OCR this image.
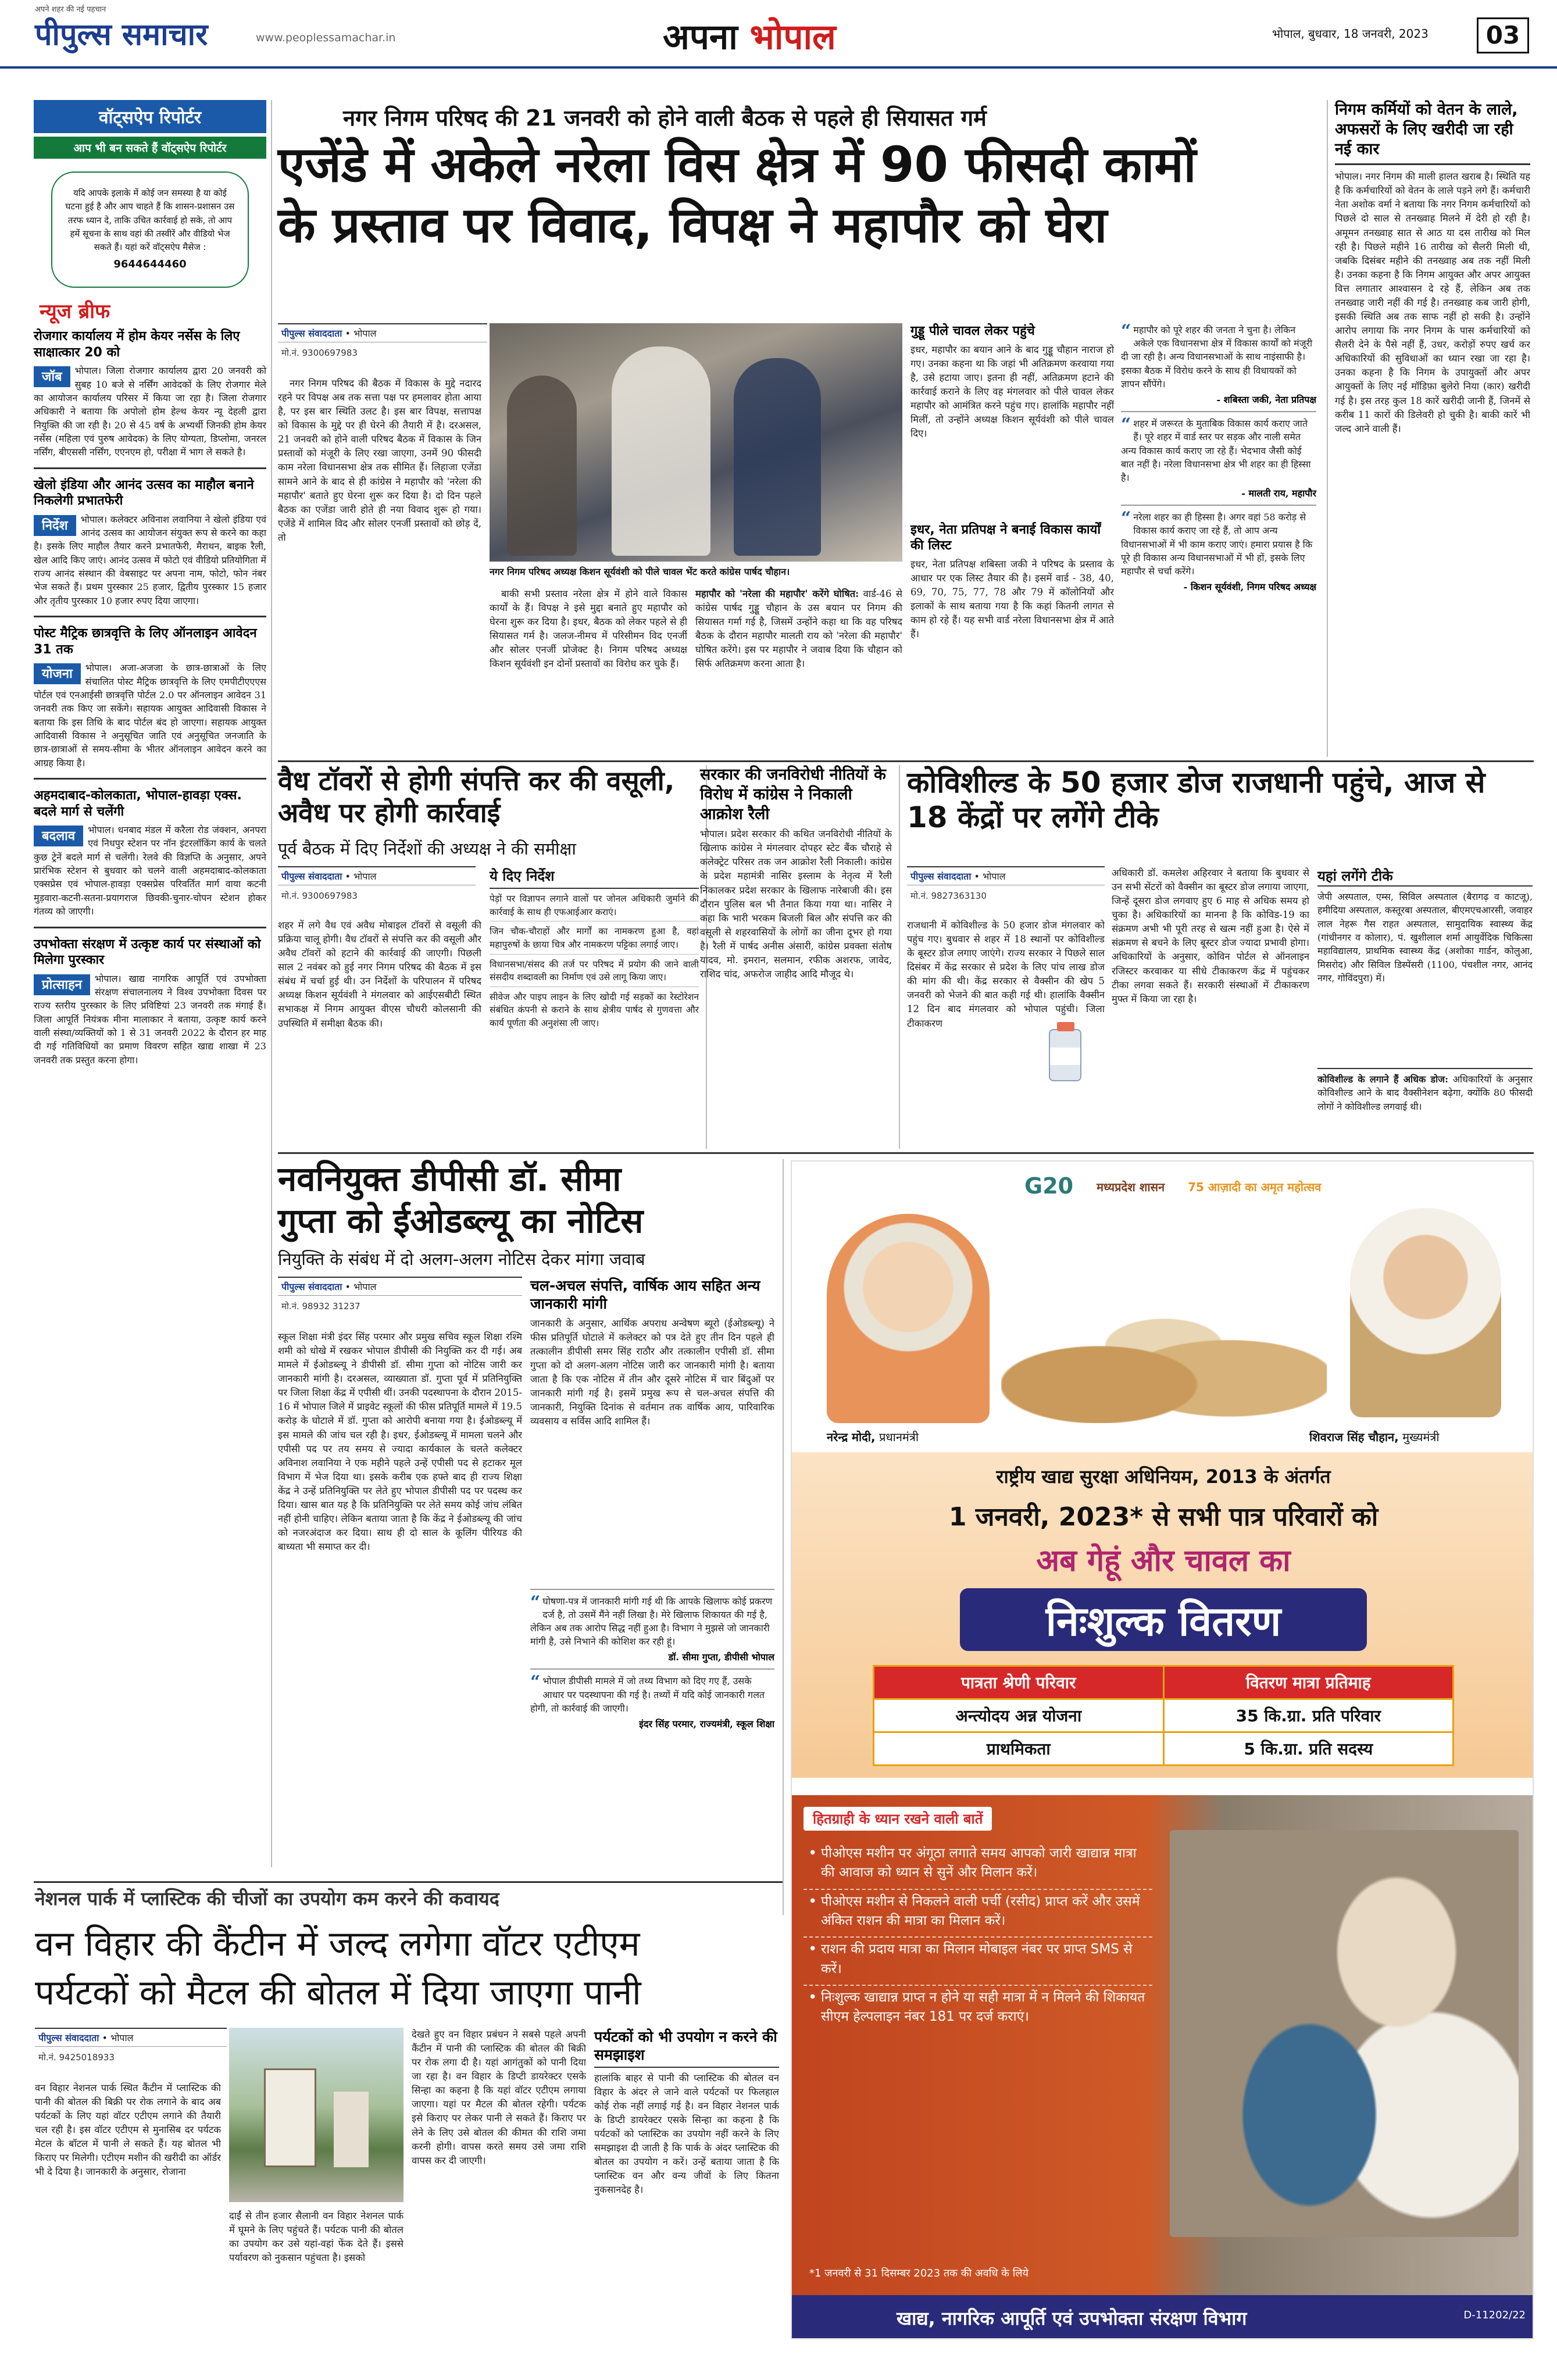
अपने शहर की नई पहचान
पीपुल्स समाचार	www.peoplessamachar.in	अपना भोपाल	भोपाल, बुधवार, 18 जनवरी, 2023	03
वॉट्सऐप रिपोर्टर
आप भी बन सकते हैं वॉट्सऐप रिपोर्टर
यदि आपके इलाके में कोई जन समस्या है या कोई घटना हुई है और आप चाहते हैं कि शासन-प्रशासन उस तरफ ध्यान दे, ताकि उचित कार्रवाई हो सके, तो आप हमें सूचना के साथ वहां की तस्वीरें और वीडियो भेज सकते हैं। यहां करें वॉट्सऐप मैसेज :
9644644460
न्यूज ब्रीफ
रोजगार कार्यालय में होम केयर नर्सेस के लिए साक्षात्कार 20 को
जॉब	भोपाल। जिला रोजगार कार्यालय द्वारा 20 जनवरी को सुबह 10 बजे से नर्सिंग आवेदकों के लिए रोजगार मेले का आयोजन कार्यालय परिसर में किया जा रहा है। जिला रोजगार अधिकारी ने बताया कि अपोलो होम हेल्थ केयर न्यू देहली द्वारा नियुक्ति की जा रही है। 20 से 45 वर्ष के अभ्यर्थी जिनकी होम केयर नर्सेस (महिला एवं पुरुष आवेदक) के लिए योग्यता, डिप्लोमा, जनरल नर्सिंग, बीएससी नर्सिंग, एएनएम हो, परीक्षा में भाग ले सकते है।
खेलो इंडिया और आनंद उत्सव का माहौल बनाने निकलेगी प्रभातफेरी
निर्देश	भोपाल। कलेक्टर अविनाश लवानिया ने खेलो इंडिया एवं आनंद उत्सव का आयोजन संयुक्त रूप से करने का कहा है। इसके लिए माहौल तैयार करने प्रभातफेरी, मैराथन, बाइक रैली, खेल आदि किए जाएं। आनंद उत्सव में फोटो एवं वीडियो प्रतियोगिता में राज्य आनंद संस्थान की वेबसाइट पर अपना नाम, फोटो, फोन नंबर भेज सकते हैं। प्रथम पुरस्कार 25 हजार, द्वितीय पुरस्कार 15 हजार और तृतीय पुरस्कार 10 हजार रुपए दिया जाएगा।
पोस्ट मैट्रिक छात्रवृत्ति के लिए ऑनलाइन आवेदन 31 तक
योजना	भोपाल। अजा-अजजा के छात्र-छात्राओं के लिए संचालित पोस्ट मैट्रिक छात्रवृत्ति के लिए एमपीटीएएएस पोर्टल एवं एनआईसी छात्रवृत्ति पोर्टल 2.0 पर ऑनलाइन आवेदन 31 जनवरी तक किए जा सकेंगे। सहायक आयुक्त आदिवासी विकास ने बताया कि इस तिथि के बाद पोर्टल बंद हो जाएगा। सहायक आयुक्त आदिवासी विकास ने अनुसूचित जाति एवं अनुसूचित जनजाति के छात्र-छात्राओं से समय-सीमा के भीतर ऑनलाइन आवेदन करने का आग्रह किया है।
अहमदाबाद-कोलकाता, भोपाल-हावड़ा एक्स. बदले मार्ग से चलेंगी
बदलाव	भोपाल। धनबाद मंडल में करैला रोड जंक्शन, अनपरा एवं निधपुर स्टेशन पर नॉन इंटरलॉकिंग कार्य के चलते कुछ ट्रेनें बदले मार्ग से चलेंगी। रेलवे की विज्ञप्ति के अनुसार, अपने प्रारंभिक स्टेशन से बुधवार को चलने वाली अहमदाबाद-कोलकाता एक्सप्रेस एवं भोपाल-हावड़ा एक्सप्रेस परिवर्तित मार्ग वाया कटनी मुड़वारा-कटनी-सतना-प्रयागराज छिवकी-चुनार-चोपन स्टेशन होकर गंतव्य को जाएगी।
उपभोक्ता संरक्षण में उत्कृष्ट कार्य पर संस्थाओं को मिलेगा पुरस्कार
प्रोत्साहन	भोपाल। खाद्य नागरिक आपूर्ति एवं उपभोक्ता संरक्षण संचालनालय ने विश्व उपभोक्ता दिवस पर राज्य स्तरीय पुरस्कार के लिए प्रविष्टियां 23 जनवरी तक मंगाई हैं। जिला आपूर्ति नियंत्रक मीना मालाकार ने बताया, उत्कृष्ट कार्य करने वाली संस्था/व्यक्तियों को 1 से 31 जनवरी 2022 के दौरान हर माह दी गई गतिविधियों का प्रमाण विवरण सहित खाद्य शाखा में 23 जनवरी तक प्रस्तुत करना होगा।
नगर निगम परिषद की 21 जनवरी को होने वाली बैठक से पहले ही सियासत गर्म
एजेंडे में अकेले नरेला विस क्षेत्र में 90 फीसदी कामों
के प्रस्ताव पर विवाद, विपक्ष ने महापौर को घेरा
पीपुल्स संवाददाता • भोपाल
मो.नं. 9300697983

नगर निगम परिषद की बैठक में विकास के मुद्दे नदारद रहने पर विपक्ष अब तक सत्ता पक्ष पर हमलावर होता आया है, पर इस बार स्थिति उलट है। इस बार विपक्ष, सत्तापक्ष को विकास के मुद्दे पर ही घेरने की तैयारी में है। दरअसल, 21 जनवरी को होने वाली परिषद बैठक में विकास के जिन प्रस्तावों को मंजूरी के लिए रखा जाएगा, उनमें 90 फीसदी काम नरेला विधानसभा क्षेत्र तक सीमित हैं। लिहाजा एजेंडा सामने आने के बाद से ही कांग्रेस ने महापौर को 'नरेला की महापौर' बताते हुए घेरना शुरू कर दिया है। दो दिन पहले बैठक का एजेंडा जारी होते ही नया विवाद शुरू हो गया। एजेंडे में शामिल विद और सोलर एनर्जी प्रस्तावों को छोड़ दें, तो

नगर निगम परिषद अध्यक्ष किशन सूर्यवंशी को पीले चावल भेंट करते कांग्रेस पार्षद चौहान।

बाकी सभी प्रस्ताव नरेला क्षेत्र में होने वाले विकास कार्यों के हैं। विपक्ष ने इसे मुद्दा बनाते हुए महापौर को घेरना शुरू कर दिया है। इधर, बैठक को लेकर पहले से ही सियासत गर्म है। जलज-नीमच में परिसीमन विद एनर्जी और सोलर एनर्जी प्रोजेक्ट है। निगम परिषद अध्यक्ष किशन सूर्यवंशी इन दोनों प्रस्तावों का विरोध कर चुके हैं।

महापौर को 'नरेला की महापौर' करेंगे घोषित: वार्ड-46 से कांग्रेस पार्षद गुड्डू चौहान के उस बयान पर निगम की सियासत गर्मा गई है, जिसमें उन्होंने कहा था कि वह परिषद बैठक के दौरान महापौर मालती राय को 'नरेला की महापौर' घोषित करेंगे। इस पर महापौर ने जवाब दिया कि चौहान को सिर्फ अतिक्रमण करना आता है।
गुड्डू पीले चावल लेकर पहुंचे
इधर, महापौर का बयान आने के बाद गुड्डू चौहान नाराज हो गए। उनका कहना था कि जहां भी अतिक्रमण करवाया गया है, उसे हटाया जाए। इतना ही नहीं, अतिक्रमण हटाने की कार्रवाई कराने के लिए वह मंगलवार को पीले चावल लेकर महापौर को आमंत्रित करने पहुंच गए। हालांकि महापौर नहीं मिलीं, तो उन्होंने अध्यक्ष किशन सूर्यवंशी को पीले चावल दिए।
इधर, नेता प्रतिपक्ष ने बनाई विकास कार्यों की लिस्ट
इधर, नेता प्रतिपक्ष शबिस्ता जकी ने परिषद के प्रस्ताव के आधार पर एक लिस्ट तैयार की है। इसमें वार्ड - 38, 40, 69, 70, 75, 77, 78 और 79 में कॉलोनियों और इलाकों के साथ बताया गया है कि कहां कितनी लागत से काम हो रहे हैं। यह सभी वार्ड नरेला विधानसभा क्षेत्र में आते हैं।
“ महापौर को पूरे शहर की जनता ने चुना है। लेकिन अकेले एक विधानसभा क्षेत्र में विकास कार्यों को मंजूरी दी जा रही है। अन्य विधानसभाओं के साथ नाइंसाफी है। इसका बैठक में विरोध करने के साथ ही विधायकों को ज्ञापन सौंपेंगे।
- शबिस्ता जकी, नेता प्रतिपक्ष
“ शहर में जरूरत के मुताबिक विकास कार्य कराए जाते हैं। पूरे शहर में वार्ड स्तर पर सड़क और नाली समेत अन्य विकास कार्य कराए जा रहे हैं। भेदभाव जैसी कोई बात नहीं है। नरेला विधानसभा क्षेत्र भी शहर का ही हिस्सा है।
- मालती राय, महापौर
“ नरेला शहर का ही हिस्सा है। अगर वहां 58 करोड़ से विकास कार्य कराए जा रहे हैं, तो आप अन्य विधानसभाओं में भी काम कराए जाएं। हमारा प्रयास है कि पूरे ही विकास अन्य विधानसभाओं में भी हों, इसके लिए महापौर से चर्चा करेंगे।
- किशन सूर्यवंशी, निगम परिषद अध्यक्ष
निगम कर्मियों को वेतन के लाले, अफसरों के लिए खरीदी जा रही नई कार
भोपाल। नगर निगम की माली हालत खराब है। स्थिति यह है कि कर्मचारियों को वेतन के लाले पड़ने लगे हैं। कर्मचारी नेता अशोक वर्मा ने बताया कि नगर निगम कर्मचारियों को पिछले दो साल से तनख्वाह मिलने में देरी हो रही है। अमूमन तनख्वाह सात से आठ या दस तारीख को मिल रही है। पिछले महीने 16 तारीख को सैलरी मिली थी, जबकि दिसंबर महीने की तनख्वाह अब तक नहीं मिली है। उनका कहना है कि निगम आयुक्त और अपर आयुक्त वित्त लगातार आश्वासन दे रहे हैं, लेकिन अब तक तनख्वाह जारी नहीं की गई है। तनख्वाह कब जारी होगी, इसकी स्थिति अब तक साफ नहीं हो सकी है। उन्होंने आरोप लगाया कि नगर निगम के पास कर्मचारियों को सैलरी देने के पैसे नहीं हैं, उधर, करोड़ों रुपए खर्च कर अधिकारियों की सुविधाओं का ध्यान रखा जा रहा है। उनका कहना है कि निगम के उपायुक्तों और अपर आयुक्तों के लिए नई मॉडिफ़ा बुलेरो निया (कार) खरीदी गई है। इस तरह कुल 18 कारें खरीदी जानी हैं, जिनमें से करीब 11 कारों की डिलेवरी हो चुकी है। बाकी कारें भी जल्द आने वाली हैं।
वैध टॉवरों से होगी संपत्ति कर की वसूली, अवैध पर होगी कार्रवाई
पूर्व बैठक में दिए निर्देशों की अध्यक्ष ने की समीक्षा
पीपुल्स संवाददाता • भोपाल
मो.नं. 9300697983
शहर में लगे वैध एवं अवैध मोबाइल टॉवरों से वसूली की प्रक्रिया चालू होगी। वैध टॉवरों से संपत्ति कर की वसूली और अवैध टॉवरों को हटाने की कार्रवाई की जाएगी। पिछली साल 2 नवंबर को हुई नगर निगम परिषद की बैठक में इस संबंध में चर्चा हुई थी। उन निर्देशों के परिपालन में परिषद अध्यक्ष किशन सूर्यवंशी ने मंगलवार को आईएसबीटी स्थित सभाकक्ष में निगम आयुक्त वीएस चौधरी कोलसानी की उपस्थिति में समीक्षा बैठक की।
ये दिए निर्देश

पेड़ों पर विज्ञापन लगाने वालों पर जोनल अधिकारी जुर्माने की कार्रवाई के साथ ही एफआईआर कराएं।

जिन चौक-चौराहों और मार्गों का नामकरण हुआ है, वहां महापुरुषों के छाया चित्र और नामकरण पट्टिका लगाई जाए।

विधानसभा/संसद की तर्ज पर परिषद में प्रयोग की जाने वाली संसदीय शब्दावली का निर्माण एवं उसे लागू किया जाए।

सीवेज और पाइप लाइन के लिए खोदी गई सड़कों का रेस्टोरेशन संबंधित कंपनी से कराने के साथ क्षेत्रीय पार्षद से गुणवत्ता और कार्य पूर्णता की अनुशंसा ली जाए।

सरकार की जनविरोधी नीतियों के विरोध में कांग्रेस ने निकाली आक्रोश रैली
भोपाल। प्रदेश सरकार की कथित जनविरोधी नीतियों के खिलाफ कांग्रेस ने मंगलवार दोपहर स्टेट बैंक चौराहे से कलेक्ट्रेट परिसर तक जन आक्रोश रैली निकाली। कांग्रेस के प्रदेश महामंत्री नासिर इस्लाम के नेतृत्व में रैली निकालकर प्रदेश सरकार के खिलाफ नारेबाजी की। इस दौरान पुलिस बल भी तैनात किया गया था। नासिर ने कहा कि भारी भरकम बिजली बिल और संपत्ति कर की वसूली से शहरवासियों के लोगों का जीना दूभर हो गया है। रैली में पार्षद अनीस अंसारी, कांग्रेस प्रवक्ता संतोष यादव, मो. इमरान, सलमान, रफीक अशरफ, जावेद, राशिद चांद, अफरोज जाहीद आदि मौजूद थे।
कोविशील्ड के 50 हजार डोज राजधानी पहुंचे, आज से 18 केंद्रों पर लगेंगे टीके
पीपुल्स संवाददाता • भोपाल
मो.नं. 9827363130
राजधानी में कोविशील्ड के 50 हजार डोज मंगलवार को पहुंच गए। बुधवार से शहर में 18 स्थानों पर कोविशील्ड के बूस्टर डोज लगाए जाएंगे। राज्य सरकार ने पिछले साल दिसंबर में केंद्र सरकार से प्रदेश के लिए पांच लाख डोज की मांग की थी। केंद्र सरकार से वैक्सीन की खेप 5 जनवरी को भेजने की बात कही गई थी। हालांकि वैक्सीन 12 दिन बाद मंगलवार को भोपाल पहुंची। जिला टीकाकरण
अधिकारी डॉ. कमलेश अहिरवार ने बताया कि बुधवार से उन सभी सेंटरों को वैक्सीन का बूस्टर डोज लगाया जाएगा, जिन्हें दूसरा डोज लगवाए हुए 6 माह से अधिक समय हो चुका है। अधिकारियों का मानना है कि कोविड-19 का संक्रमण अभी भी पूरी तरह से खत्म नहीं हुआ है। ऐसे में संक्रमण से बचने के लिए बूस्टर डोज ज्यादा प्रभावी होगा। अधिकारियों के अनुसार, कोविन पोर्टल से ऑनलाइन रजिस्टर करवाकर या सीधे टीकाकरण केंद्र में पहुंचकर टीका लगवा सकते हैं। सरकारी संस्थाओं में टीकाकरण मुफ्त में किया जा रहा है।
यहां लगेंगे टीके
जेपी अस्पताल, एम्स, सिविल अस्पताल (बैरागढ़ व काटजू), हमीदिया अस्पताल, कस्तूरबा अस्पताल, बीएमएचआरसी, जवाहर लाल नेहरू गैस राहत अस्पताल, सामुदायिक स्वास्थ्य केंद्र (गांधीनगर व कोलार), पं. खुशीलाल शर्मा आयुर्वेदिक चिकित्सा महाविद्यालय, प्राथमिक स्वास्थ्य केंद्र (अशोका गार्डन, कोलुआ, मिसरोद) और सिविल डिस्पेंसरी (1100, पंचशील नगर, आनंद नगर, गोविंदपुरा) में।
कोविशील्ड के लगाने हैं अधिक डोज: अधिकारियों के अनुसार कोविशील्ड आने के बाद वैक्सीनेशन बढ़ेगा, क्योंकि 80 फीसदी लोगों ने कोविशील्ड लगवाई थी।
नवनियुक्त डीपीसी डॉ. सीमा
गुप्ता को ईओडब्ल्यू का नोटिस
नियुक्ति के संबंध में दो अलग-अलग नोटिस देकर मांगा जवाब
पीपुल्स संवाददाता • भोपाल
मो.नं. 98932 31237
स्कूल शिक्षा मंत्री इंदर सिंह परमार और प्रमुख सचिव स्कूल शिक्षा रश्मि शमी को धोखे में रखकर भोपाल डीपीसी की नियुक्ति कर दी गई। अब मामले में ईओडब्ल्यू ने डीपीसी डॉ. सीमा गुप्ता को नोटिस जारी कर जानकारी मांगी है। दरअसल, व्याख्याता डॉ. गुप्ता पूर्व में प्रतिनियुक्ति पर जिला शिक्षा केंद्र में एपीसी थीं। उनकी पदस्थापना के दौरान 2015-16 में भोपाल जिले में प्राइवेट स्कूलों की फीस प्रतिपूर्ति मामले में 19.5 करोड़ के घोटाले में डॉ. गुप्ता को आरोपी बनाया गया है। ईओडब्ल्यू में इस मामले की जांच चल रही है। इधर, ईओडब्ल्यू में मामला चलने और एपीसी पद पर तय समय से ज्यादा कार्यकाल के चलते कलेक्टर अविनाश लवानिया ने एक महीने पहले उन्हें एपीसी पद से हटाकर मूल विभाग में भेज दिया था। इसके करीब एक हफ्ते बाद ही राज्य शिक्षा केंद्र ने उन्हें प्रतिनियुक्ति पर लेते हुए भोपाल डीपीसी पद पर पदस्थ कर दिया। खास बात यह है कि प्रतिनियुक्ति पर लेते समय कोई जांच लंबित नहीं होनी चाहिए। लेकिन बताया जाता है कि केंद्र ने ईओडब्ल्यू की जांच को नजरअंदाज कर दिया। साथ ही दो साल के कूलिंग पीरियड की बाध्यता भी समाप्त कर दी।
चल-अचल संपत्ति, वार्षिक आय सहित अन्य जानकारी मांगी
जानकारी के अनुसार, आर्थिक अपराध अन्वेषण ब्यूरो (ईओडब्ल्यू) ने फीस प्रतिपूर्ति घोटाले में कलेक्टर को पत्र देते हुए तीन दिन पहले ही तत्कालीन डीपीसी समर सिंह राठौर और तत्कालीन एपीसी डॉ. सीमा गुप्ता को दो अलग-अलग नोटिस जारी कर जानकारी मांगी है। बताया जाता है कि एक नोटिस में तीन और दूसरे नोटिस में चार बिंदुओं पर जानकारी मांगी गई है। इसमें प्रमुख रूप से चल-अचल संपत्ति की जानकारी, नियुक्ति दिनांक से वर्तमान तक वार्षिक आय, पारिवारिक व्यवसाय व सर्विस आदि शामिल हैं।
“ घोषणा-पत्र में जानकारी मांगी गई थी कि आपके खिलाफ कोई प्रकरण दर्ज है, तो उसमें मैंने नहीं लिखा है। मेरे खिलाफ शिकायत की गई है, लेकिन अब तक आरोप सिद्ध नहीं हुआ है। विभाग ने मुझसे जो जानकारी मांगी है, उसे निभाने की कोशिश कर रही हूं।
डॉ. सीमा गुप्ता, डीपीसी भोपाल
“ भोपाल डीपीसी मामले में जो तथ्य विभाग को दिए गए हैं, उसके आधार पर पदस्थापना की गई है। तथ्यों में यदि कोई जानकारी गलत होगी, तो कार्रवाई की जाएगी।
इंदर सिंह परमार, राज्यमंत्री, स्कूल शिक्षा
G20 मध्यप्रदेश शासन 75 आज़ादी का अमृत महोत्सव
नरेन्द्र मोदी, प्रधानमंत्री	शिवराज सिंह चौहान, मुख्यमंत्री
राष्ट्रीय खाद्य सुरक्षा अधिनियम, 2013 के अंतर्गत
1 जनवरी, 2023* से सभी पात्र परिवारों को
अब गेहूं और चावल का
निःशुल्क वितरण
पात्रता श्रेणी परिवार	वितरण मात्रा प्रतिमाह
अन्त्योदय अन्न योजना	35 कि.ग्रा. प्रति परिवार
प्राथमिकता	5 कि.ग्रा. प्रति सदस्य
हितग्राही के ध्यान रखने वाली बातें
• पीओएस मशीन पर अंगूठा लगाते समय आपको जारी खाद्यान्न मात्रा की आवाज को ध्यान से सुनें और मिलान करें।
• पीओएस मशीन से निकलने वाली पर्ची (रसीद) प्राप्त करें और उसमें अंकित राशन की मात्रा का मिलान करें।
• राशन की प्रदाय मात्रा का मिलान मोबाइल नंबर पर प्राप्त SMS से करें।
• निःशुल्क खाद्यान्न प्राप्त न होने या सही मात्रा में न मिलने की शिकायत सीएम हेल्पलाइन नंबर 181 पर दर्ज कराएं।
*1 जनवरी से 31 दिसम्बर 2023 तक की अवधि के लिये
खाद्य, नागरिक आपूर्ति एवं उपभोक्ता संरक्षण विभाग	D-11202/22
नेशनल पार्क में प्लास्टिक की चीजों का उपयोग कम करने की कवायद
वन विहार की कैंटीन में जल्द लगेगा वॉटर एटीएम
पर्यटकों को मैटल की बोतल में दिया जाएगा पानी
पीपुल्स संवाददाता • भोपाल
मो.नं. 9425018933
वन विहार नेशनल पार्क स्थित कैंटीन में प्लास्टिक की पानी की बोतल की बिक्री पर रोक लगाने के बाद अब पर्यटकों के लिए यहां वॉटर एटीएम लगाने की तैयारी चल रही है। इस वॉटर एटीएम से मुनासिब दर पर्यटक मेटल के बॉटल में पानी ले सकते हैं। यह बोतल भी किराए पर मिलेगी। एटीएम मशीन की खरीदी का ऑर्डर भी दे दिया है। जानकारी के अनुसार, रोजाना
दाईं से तीन हजार सैलानी वन विहार नेशनल पार्क में घूमने के लिए पहुंचते हैं। पर्यटक पानी की बोतल का उपयोग कर उसे यहां-वहां फेंक देते हैं। इससे पर्यावरण को नुकसान पहुंचता है। इसको
देखते हुए वन विहार प्रबंधन ने सबसे पहले अपनी कैंटीन में पानी की प्लास्टिक की बोतल की बिक्री पर रोक लगा दी है। यहां आगंतुकों को पानी दिया जा रहा है। वन विहार के डिप्टी डायरेक्टर एसके सिन्हा का कहना है कि यहां वॉटर एटीएम लगाया जाएगा। यहां पर मैटल की बोतल रहेगी। पर्यटक इसे किराए पर लेकर पानी ले सकते हैं। किराए पर लेने के लिए उसे बोतल की कीमत की राशि जमा करनी होगी। वापस करते समय उसे जमा राशि वापस कर दी जाएगी।
पर्यटकों को भी उपयोग न करने की समझाइश
हालांकि बाहर से पानी की प्लास्टिक की बोतल वन विहार के अंदर ले जाने वाले पर्यटकों पर फिलहाल कोई रोक नहीं लगाई गई है। वन विहार नेशनल पार्क के डिप्टी डायरेक्टर एसके सिन्हा का कहना है कि पर्यटकों को प्लास्टिक का उपयोग नहीं करने के लिए समझाइश दी जाती है कि पार्क के अंदर प्लास्टिक की बोतल का उपयोग न करें। उन्हें बताया जाता है कि प्लास्टिक वन और वन्य जीवों के लिए कितना नुकसानदेह है।
